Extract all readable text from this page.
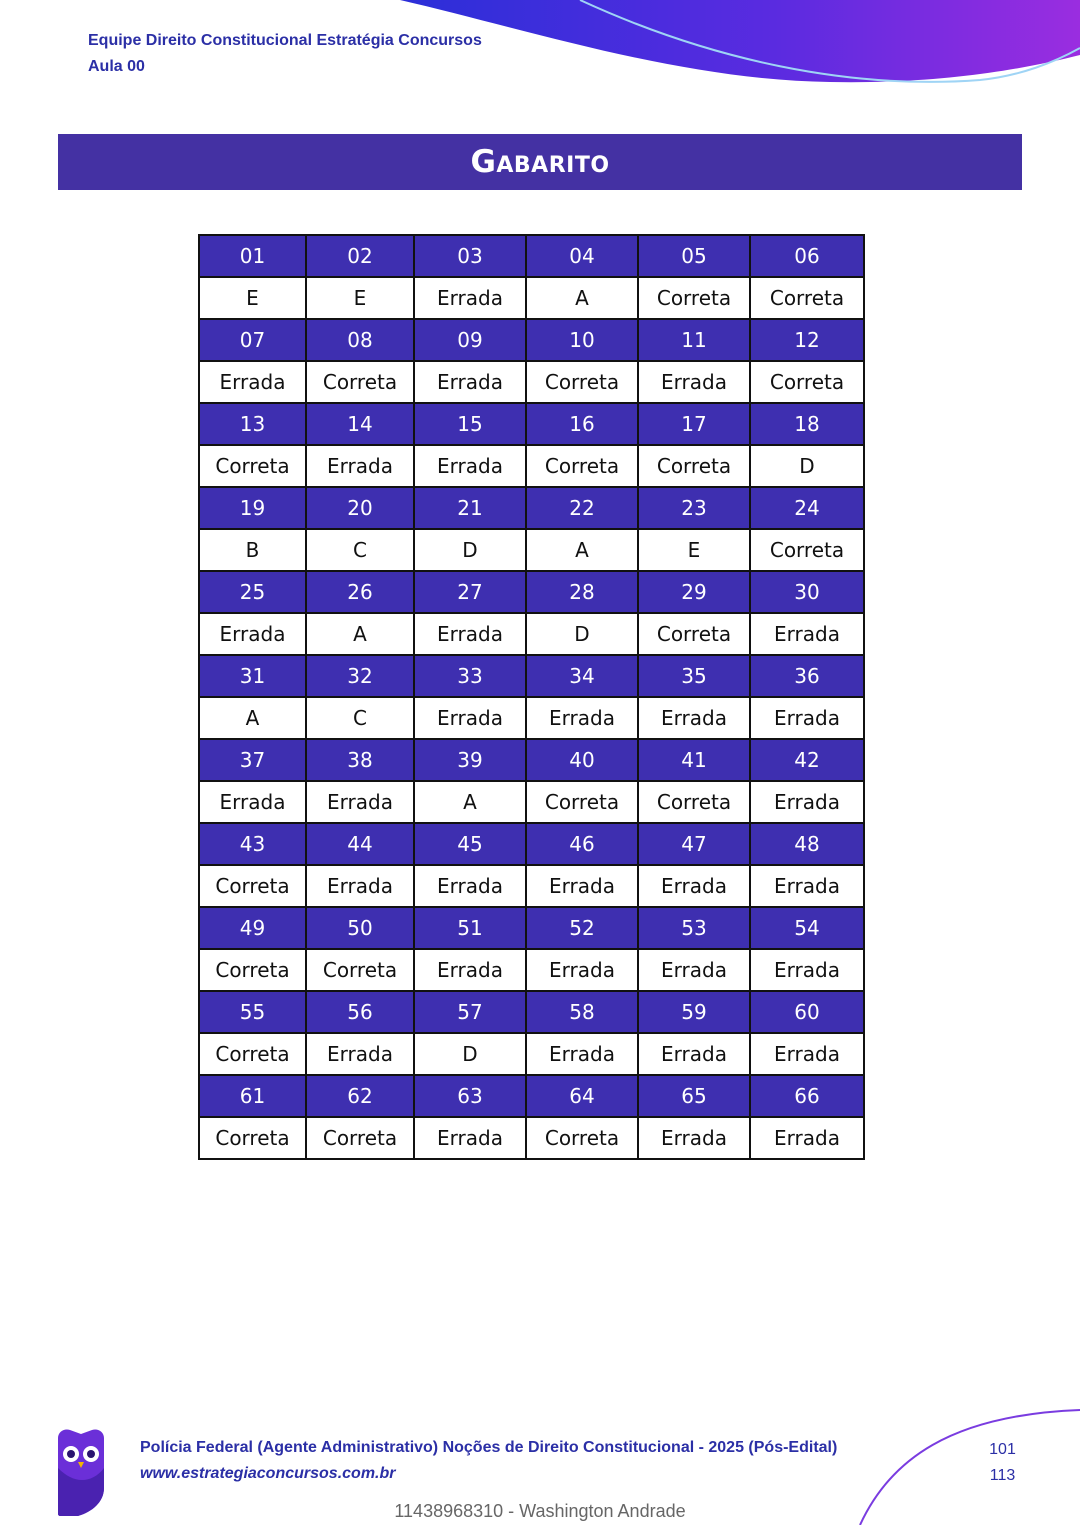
Equipe Direito Constitucional Estratégia Concursos
Aula 00
Gabarito
01	02	03	04	05	06
E	E	Errada	A	Correta	Correta
07	08	09	10	11	12
Errada	Correta	Errada	Correta	Errada	Correta
13	14	15	16	17	18
Correta	Errada	Errada	Correta	Correta	D
19	20	21	22	23	24
B	C	D	A	E	Correta
25	26	27	28	29	30
Errada	A	Errada	D	Correta	Errada
31	32	33	34	35	36
A	C	Errada	Errada	Errada	Errada
37	38	39	40	41	42
Errada	Errada	A	Correta	Correta	Errada
43	44	45	46	47	48
Correta	Errada	Errada	Errada	Errada	Errada
49	50	51	52	53	54
Correta	Correta	Errada	Errada	Errada	Errada
55	56	57	58	59	60
Correta	Errada	D	Errada	Errada	Errada
61	62	63	64	65	66
Correta	Correta	Errada	Correta	Errada	Errada
Polícia Federal (Agente Administrativo) Noções de Direito Constitucional - 2025 (Pós-Edital)
www.estrategiaconcursos.com.br
101
113
11438968310 - Washington Andrade
